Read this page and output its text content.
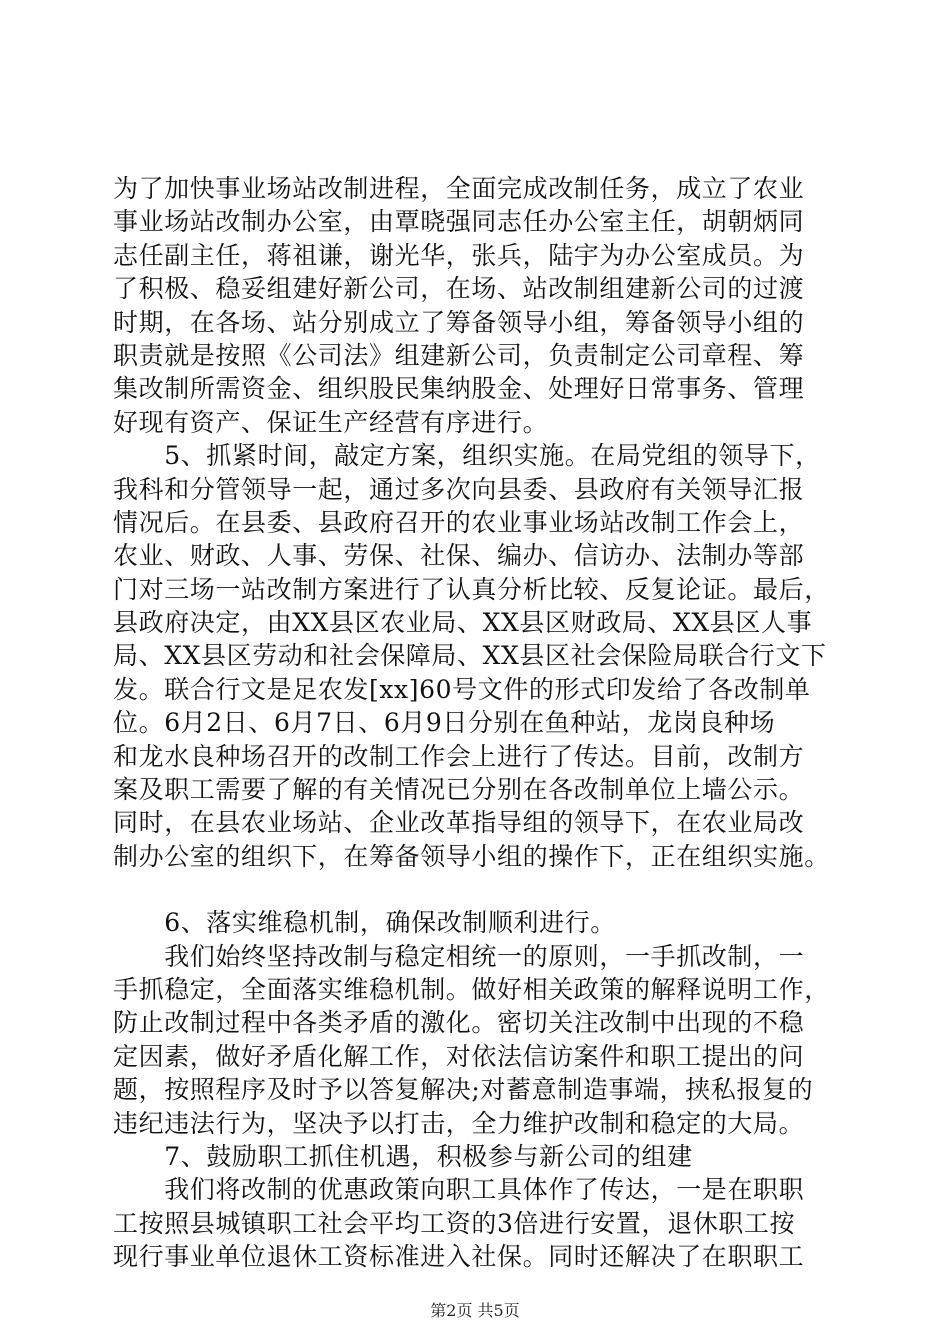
为了加快事业场站改制进程，全面完成改制任务，成立了农业
事业场站改制办公室，由覃晓强同志任办公室主任，胡朝炳同
志任副主任，蒋祖谦，谢光华，张兵，陆宇为办公室成员。为
了积极、稳妥组建好新公司，在场、站改制组建新公司的过渡
时期，在各场、站分别成立了筹备领导小组，筹备领导小组的
职责就是按照《公司法》组建新公司，负责制定公司章程、筹
集改制所需资金、组织股民集纳股金、处理好日常事务、管理
好现有资产、保证生产经营有序进行。
　　5、抓紧时间，敲定方案，组织实施。在局党组的领导下，
我科和分管领导一起，通过多次向县委、县政府有关领导汇报
情况后。在县委、县政府召开的农业事业场站改制工作会上，
农业、财政、人事、劳保、社保、编办、信访办、法制办等部
门对三场一站改制方案进行了认真分析比较、反复论证。最后，
县政府决定，由XX县区农业局、XX县区财政局、XX县区人事
局、XX县区劳动和社会保障局、XX县区社会保险局联合行文下
发。联合行文是足农发[xx]60号文件的形式印发给了各改制单
位。6月2日、6月7日、6月9日分别在鱼种站，龙岗良种场
和龙水良种场召开的改制工作会上进行了传达。目前，改制方
案及职工需要了解的有关情况已分别在各改制单位上墙公示。
同时，在县农业场站、企业改革指导组的领导下，在农业局改
制办公室的组织下，在筹备领导小组的操作下，正在组织实施。
　　6、落实维稳机制，确保改制顺利进行。
　　我们始终坚持改制与稳定相统一的原则，一手抓改制，一
手抓稳定，全面落实维稳机制。做好相关政策的解释说明工作，
防止改制过程中各类矛盾的激化。密切关注改制中出现的不稳
定因素，做好矛盾化解工作，对依法信访案件和职工提出的问
题，按照程序及时予以答复解决;对蓄意制造事端，挟私报复的
违纪违法行为，坚决予以打击，全力维护改制和稳定的大局。
　　7、鼓励职工抓住机遇，积极参与新公司的组建
　　我们将改制的优惠政策向职工具体作了传达，一是在职职
工按照县城镇职工社会平均工资的3倍进行安置，退休职工按
现行事业单位退休工资标准进入社保。同时还解决了在职职工
第2页 共5页
